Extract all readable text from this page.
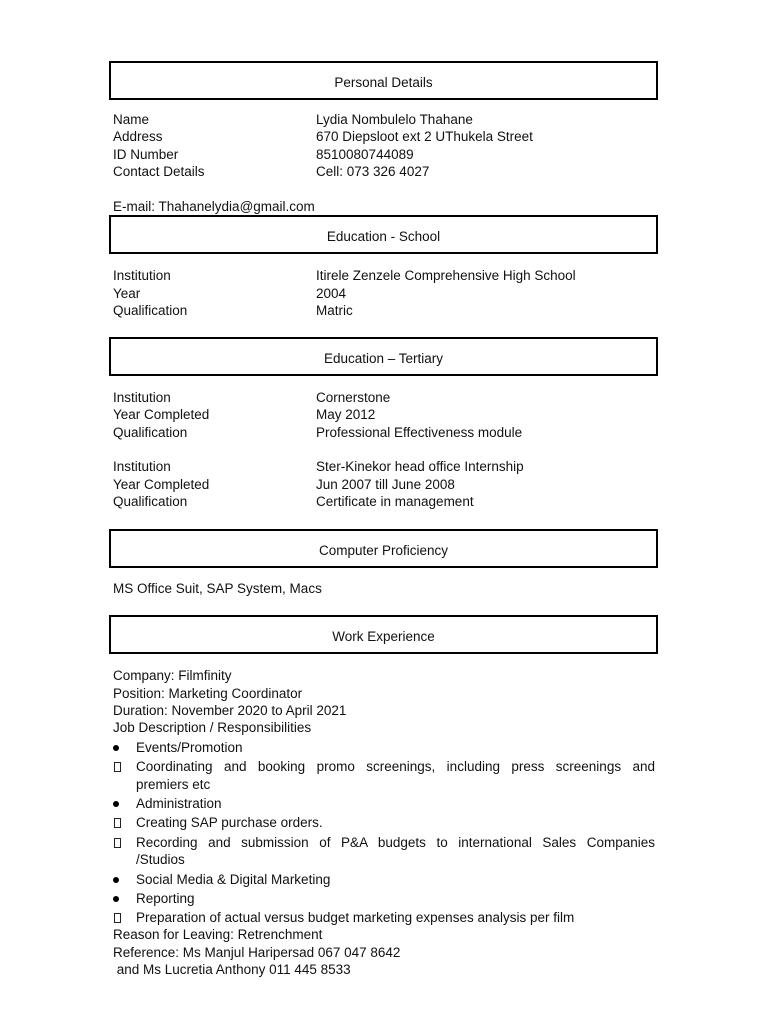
Personal Details
Name	Lydia Nombulelo Thahane
Address	670 Diepsloot ext 2 UThukela Street
ID Number	8510080744089
Contact Details	Cell: 073 326 4027
E-mail: Thahanelydia@gmail.com
Education - School
Institution	Itirele Zenzele Comprehensive High School
Year	2004
Qualification	Matric
Education – Tertiary
Institution	Cornerstone
Year Completed	May 2012
Qualification	Professional Effectiveness module
Institution	Ster-Kinekor head office Internship
Year Completed	Jun 2007 till June 2008
Qualification	Certificate in management
Computer Proficiency
MS Office Suit, SAP System, Macs
Work Experience
Company: Filmfinity
Position: Marketing Coordinator
Duration: November 2020 to April 2021
Job Description / Responsibilities
Events/Promotion
Coordinating and booking promo screenings, including press screenings and
premiers etc
Administration
Creating SAP purchase orders.
Recording and submission of P&A budgets to international Sales Companies
/Studios
Social Media & Digital Marketing
Reporting
Preparation of actual versus budget marketing expenses analysis per film
Reason for Leaving: Retrenchment
Reference: Ms Manjul Haripersad 067 047 8642
and Ms Lucretia Anthony 011 445 8533
